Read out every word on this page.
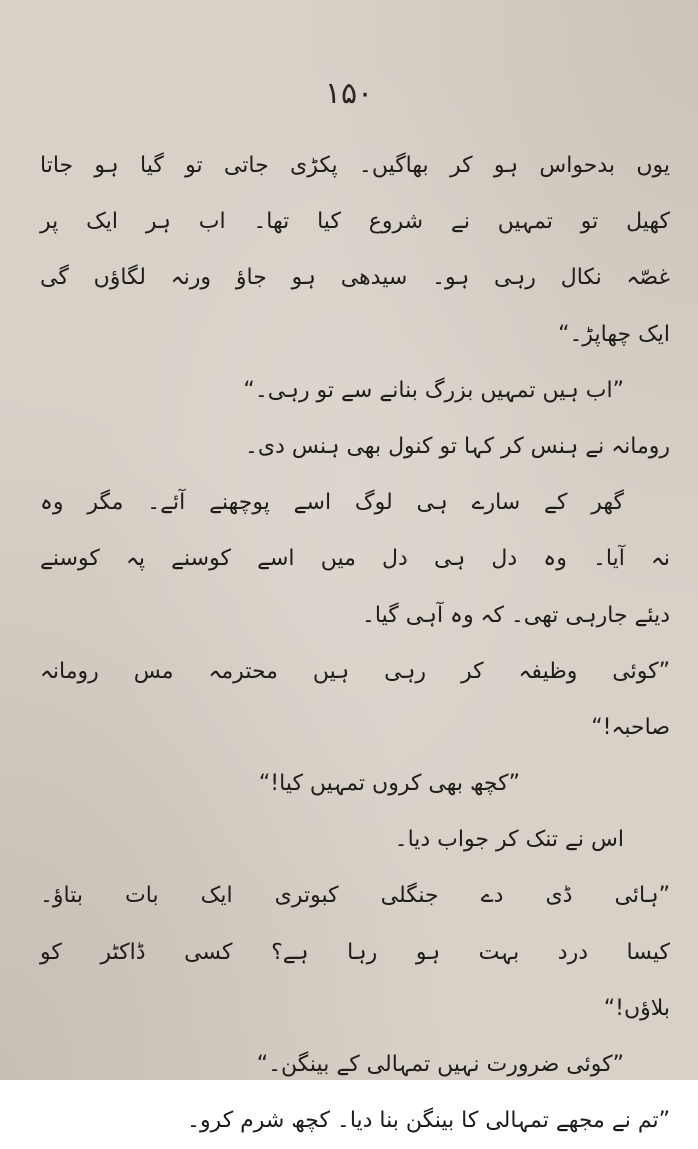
۱۵۰
یوں بدحواس ہو کر بھاگیں۔ پکڑی جاتی تو گیا ہو جاتا
کھیل تو تمہیں نے شروع کیا تھا۔ اب ہر ایک پر
غصّہ نکال رہی ہو۔ سیدھی ہو جاؤ ورنہ لگاؤں گی
ایک چھاپڑ۔“
”اب ہیں تمہیں بزرگ بنانے سے تو رہی۔“
رومانہ نے ہنس کر کہا تو کنول بھی ہنس دی۔
گھر کے سارے ہی لوگ اسے پوچھنے آئے۔ مگر وہ
نہ آیا۔ وہ دل ہی دل میں اسے کوسنے پہ کوسنے
دیئے جارہی تھی۔ کہ وہ آہی گیا۔
”کوئی وظیفہ کر رہی ہیں محترمہ مس رومانہ
صاحبہ!“
”کچھ بھی کروں تمہیں کیا!“
اس نے تنک کر جواب دیا۔
”ہائی ڈی دے جنگلی کبوتری ایک بات بتاؤ۔
کیسا درد بہت ہو رہا ہے؟ کسی ڈاکٹر کو
بلاؤں!“
”کوئی ضرورت نہیں تمہالی کے بینگن۔“
”تم نے مجھے تمہالی کا بینگن بنا دیا۔ کچھ شرم کرو۔
